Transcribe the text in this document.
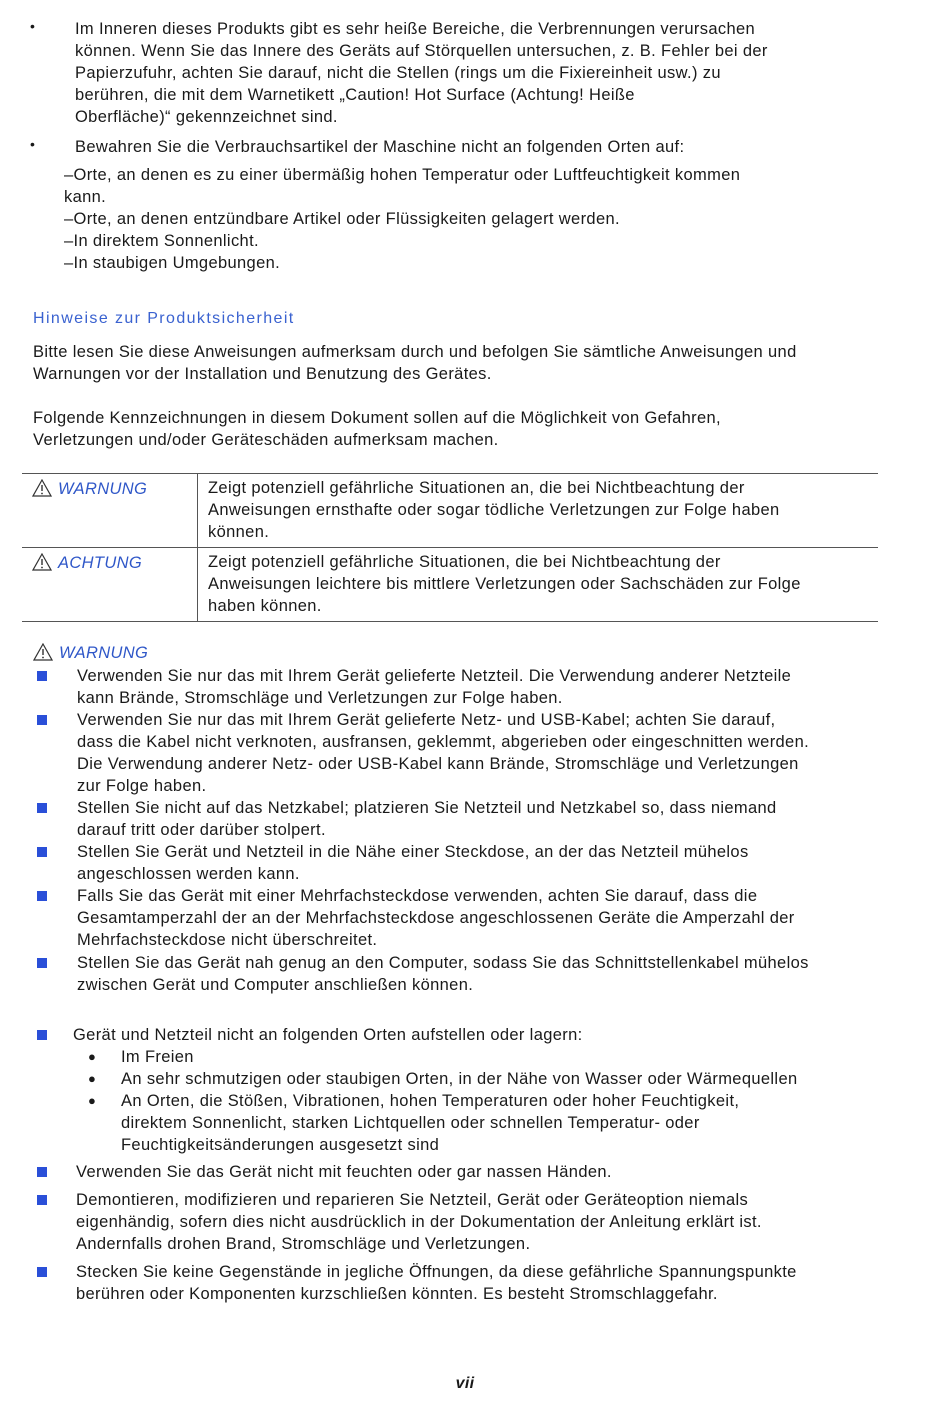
• Im Inneren dieses Produkts gibt es sehr heiße Bereiche, die Verbrennungen verursachen
können. Wenn Sie das Innere des Geräts auf Störquellen untersuchen, z. B. Fehler bei der
Papierzufuhr, achten Sie darauf, nicht die Stellen (rings um die Fixiereinheit usw.) zu
berühren, die mit dem Warnetikett „Caution! Hot Surface (Achtung! Heiße
Oberfläche)“ gekennzeichnet sind.
• Bewahren Sie die Verbrauchsartikel der Maschine nicht an folgenden Orten auf:
–Orte, an denen es zu einer übermäßig hohen Temperatur oder Luftfeuchtigkeit kommen
kann.
–Orte, an denen entzündbare Artikel oder Flüssigkeiten gelagert werden.
–In direktem Sonnenlicht.
–In staubigen Umgebungen.
Hinweise zur Produktsicherheit
Bitte lesen Sie diese Anweisungen aufmerksam durch und befolgen Sie sämtliche Anweisungen und
Warnungen vor der Installation und Benutzung des Gerätes.
Folgende Kennzeichnungen in diesem Dokument sollen auf die Möglichkeit von Gefahren,
Verletzungen und/oder Geräteschäden aufmerksam machen.
WARNUNG	Zeigt potenziell gefährliche Situationen an, die bei Nichtbeachtung der
Anweisungen ernsthafte oder sogar tödliche Verletzungen zur Folge haben
können.

ACHTUNG	Zeigt potenziell gefährliche Situationen, die bei Nichtbeachtung der
Anweisungen leichtere bis mittlere Verletzungen oder Sachschäden zur Folge
haben können.
WARNUNG
Verwenden Sie nur das mit Ihrem Gerät gelieferte Netzteil. Die Verwendung anderer Netzteile
kann Brände, Stromschläge und Verletzungen zur Folge haben.
Verwenden Sie nur das mit Ihrem Gerät gelieferte Netz- und USB-Kabel; achten Sie darauf,
dass die Kabel nicht verknoten, ausfransen, geklemmt, abgerieben oder eingeschnitten werden.
Die Verwendung anderer Netz- oder USB-Kabel kann Brände, Stromschläge und Verletzungen
zur Folge haben.
Stellen Sie nicht auf das Netzkabel; platzieren Sie Netzteil und Netzkabel so, dass niemand
darauf tritt oder darüber stolpert.
Stellen Sie Gerät und Netzteil in die Nähe einer Steckdose, an der das Netzteil mühelos
angeschlossen werden kann.
Falls Sie das Gerät mit einer Mehrfachsteckdose verwenden, achten Sie darauf, dass die
Gesamtamperzahl der an der Mehrfachsteckdose angeschlossenen Geräte die Amperzahl der
Mehrfachsteckdose nicht überschreitet.
Stellen Sie das Gerät nah genug an den Computer, sodass Sie das Schnittstellenkabel mühelos
zwischen Gerät und Computer anschließen können.
Gerät und Netzteil nicht an folgenden Orten aufstellen oder lagern:
● Im Freien
● An sehr schmutzigen oder staubigen Orten, in der Nähe von Wasser oder Wärmequellen
● An Orten, die Stößen, Vibrationen, hohen Temperaturen oder hoher Feuchtigkeit,
direktem Sonnenlicht, starken Lichtquellen oder schnellen Temperatur- oder
Feuchtigkeitsänderungen ausgesetzt sind
Verwenden Sie das Gerät nicht mit feuchten oder gar nassen Händen.
Demontieren, modifizieren und reparieren Sie Netzteil, Gerät oder Geräteoption niemals
eigenhändig, sofern dies nicht ausdrücklich in der Dokumentation der Anleitung erklärt ist.
Andernfalls drohen Brand, Stromschläge und Verletzungen.
Stecken Sie keine Gegenstände in jegliche Öffnungen, da diese gefährliche Spannungspunkte
berühren oder Komponenten kurzschließen könnten. Es besteht Stromschlaggefahr.
vii
